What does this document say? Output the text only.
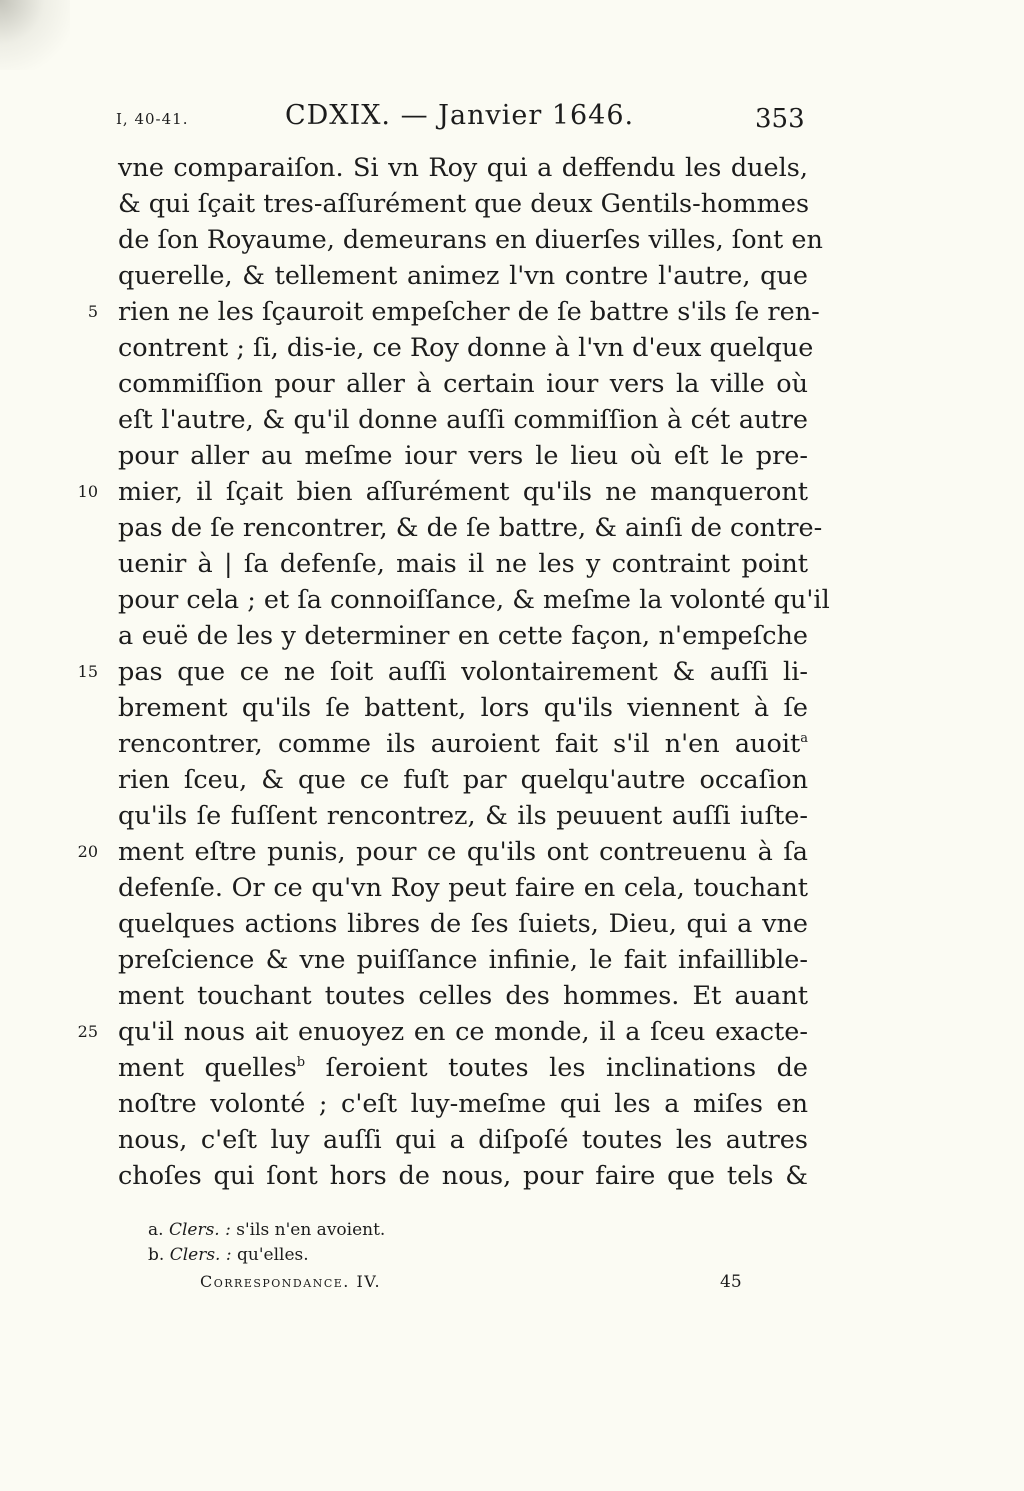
I, 40-41.	CDXIX. — Janvier 1646.	353
vne comparaiſon. Si vn Roy qui a deffendu les duels,
& qui ſçait tres-aſſurément que deux Gentils-hommes
de ſon Royaume, demeurans en diuerſes villes, ſont en
querelle, & tellement animez l'vn contre l'autre, que
5 rien ne les ſçauroit empeſcher de ſe battre s'ils ſe ren-
contrent ; ſi, dis-ie, ce Roy donne à l'vn d'eux quelque
commiſſion pour aller à certain iour vers la ville où
eſt l'autre, & qu'il donne auſſi commiſſion à cét autre
pour aller au meſme iour vers le lieu où eſt le pre-
10 mier, il ſçait bien aſſurément qu'ils ne manqueront
pas de ſe rencontrer, & de ſe battre, & ainſi de contre-
uenir à | ſa defenſe, mais il ne les y contraint point
pour cela ; et ſa connoiſſance, & meſme la volonté qu'il
a euë de les y determiner en cette façon, n'empeſche
15 pas que ce ne ſoit auſſi volontairement & auſſi li-
brement qu'ils ſe battent, lors qu'ils viennent à ſe
rencontrer, comme ils auroient fait s'il n'en auoit$^a$
rien ſceu, & que ce fuſt par quelqu'autre occaſion
qu'ils ſe fuſſent rencontrez, & ils peuuent auſſi iuſte-
20 ment eſtre punis, pour ce qu'ils ont contreuenu à ſa
defenſe. Or ce qu'vn Roy peut faire en cela, touchant
quelques actions libres de ſes ſuiets, Dieu, qui a vne
preſcience & vne puiſſance infinie, le fait infaillible-
ment touchant toutes celles des hommes. Et auant
25 qu'il nous ait enuoyez en ce monde, il a ſceu exacte-
ment quelles$^b$ ſeroient toutes les inclinations de
noſtre volonté ; c'eſt luy-meſme qui les a miſes en
nous, c'eſt luy auſſi qui a diſpoſé toutes les autres
choſes qui ſont hors de nous, pour faire que tels &
a. Clers. : s'ils n'en avoient.
b. Clers. : qu'elles.
Correspondance. IV.	45
